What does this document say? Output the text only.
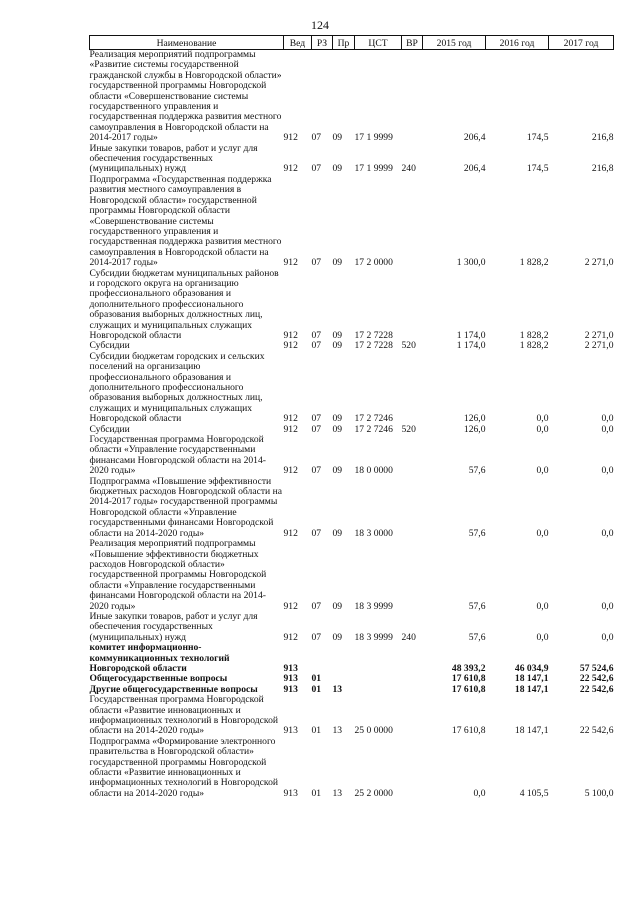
124
Наименование	Вед	РЗ	Пр	ЦСТ	ВР	2015 год	2016 год	2017 год
Реализация мероприятий подпрограммы «Развитие системы государственной гражданской службы в Новгородской области» государственной программы Новгородской области «Совершенствование системы государственного управления и государственная поддержка развития местного самоуправления в Новгородской области на 2014-2017 годы»	912	07	09	17 1 9999		206,4	174,5	216,8
Иные закупки товаров, работ и услуг для обеспечения государственных (муниципальных) нужд	912	07	09	17 1 9999	240	206,4	174,5	216,8
Подпрограмма «Государственная поддержка развития местного самоуправления в Новгородской области» государственной программы Новгородской области «Совершенствование системы государственного управления и государственная поддержка развития местного самоуправления в Новгородской области на 2014-2017 годы»	912	07	09	17 2 0000		1 300,0	1 828,2	2 271,0
Субсидии бюджетам муниципальных районов и городского округа на организацию профессионального образования и дополнительного профессионального образования выборных должностных лиц, служащих и муниципальных служащих Новгородской области	912	07	09	17 2 7228		1 174,0	1 828,2	2 271,0
Субсидии	912	07	09	17 2 7228	520	1 174,0	1 828,2	2 271,0
Субсидии бюджетам городских и сельских поселений на организацию профессионального образования и дополнительного профессионального образования выборных должностных лиц, служащих и муниципальных служащих Новгородской области	912	07	09	17 2 7246		126,0	0,0	0,0
Субсидии	912	07	09	17 2 7246	520	126,0	0,0	0,0
Государственная программа Новгородской области «Управление государственными финансами Новгородской области на 2014-2020 годы»	912	07	09	18 0 0000		57,6	0,0	0,0
Подпрограмма «Повышение эффективности бюджетных расходов Новгородской области на 2014-2017 годы» государственной программы Новгородской области «Управление государственными финансами Новгородской области на 2014-2020 годы»	912	07	09	18 3 0000		57,6	0,0	0,0
Реализация мероприятий подпрограммы «Повышение эффективности бюджетных расходов Новгородской области» государственной программы Новгородской области «Управление государственными финансами Новгородской области на 2014-2020 годы»	912	07	09	18 3 9999		57,6	0,0	0,0
Иные закупки товаров, работ и услуг для обеспечения государственных (муниципальных) нужд	912	07	09	18 3 9999	240	57,6	0,0	0,0
комитет информационно-коммуникационных технологий Новгородской области	913					48 393,2	46 034,9	57 524,6
Общегосударственные вопросы	913	01				17 610,8	18 147,1	22 542,6
Другие общегосударственные вопросы	913	01	13			17 610,8	18 147,1	22 542,6
Государственная программа Новгородской области «Развитие инновационных и информационных технологий в Новгородской области на 2014-2020 годы»	913	01	13	25 0 0000		17 610,8	18 147,1	22 542,6
Подпрограмма «Формирование электронного правительства в Новгородской области» государственной программы Новгородской области «Развитие инновационных и информационных технологий в Новгородской области на 2014-2020 годы»	913	01	13	25 2 0000		0,0	4 105,5	5 100,0
